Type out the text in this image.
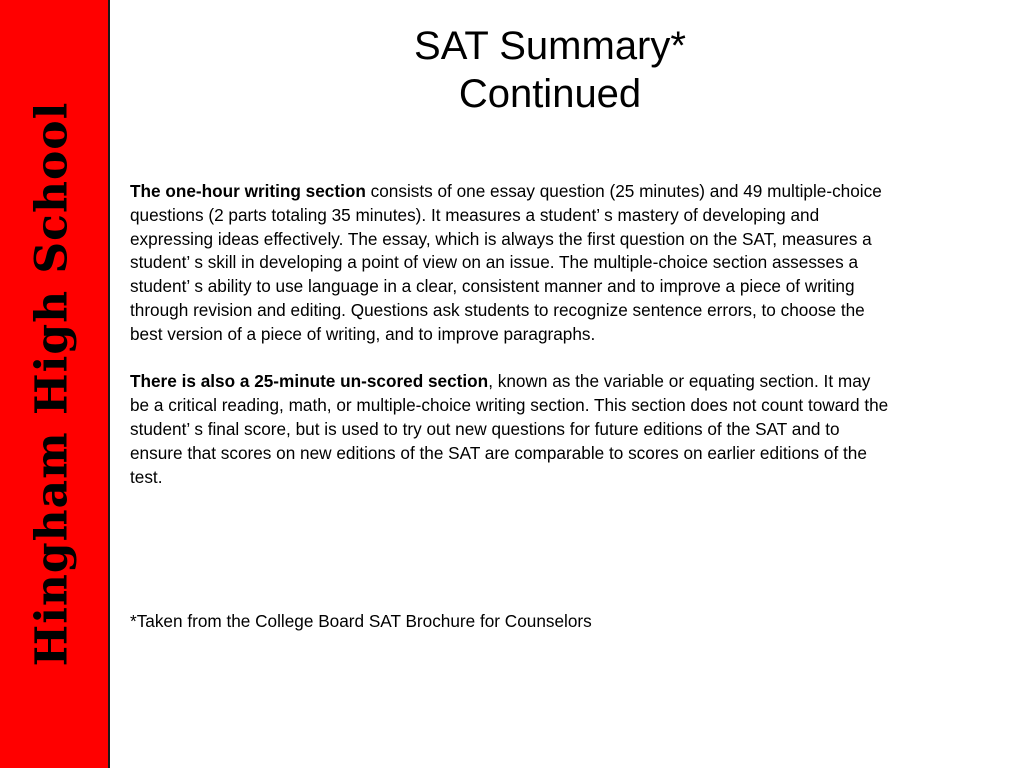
Hingham High School
SAT Summary*
Continued

The one-hour writing section consists of one essay question (25 minutes) and 49 multiple-choice questions (2 parts totaling 35 minutes). It measures a student’ s mastery of developing and expressing ideas effectively. The essay, which is always the first question on the SAT, measures a student’ s skill in developing a point of view on an issue. The multiple-choice section assesses a student’ s ability to use language in a clear, consistent manner and to improve a piece of writing through revision and editing. Questions ask students to recognize sentence errors, to choose the best version of a piece of writing, and to improve paragraphs.

There is also a 25-minute un-scored section, known as the variable or equating section. It may be a critical reading, math, or multiple-choice writing section. This section does not count toward the student’ s final score, but is used to try out new questions for future editions of the SAT and to ensure that scores on new editions of the SAT are comparable to scores on earlier editions of the test.

*Taken from the College Board SAT Brochure for Counselors
